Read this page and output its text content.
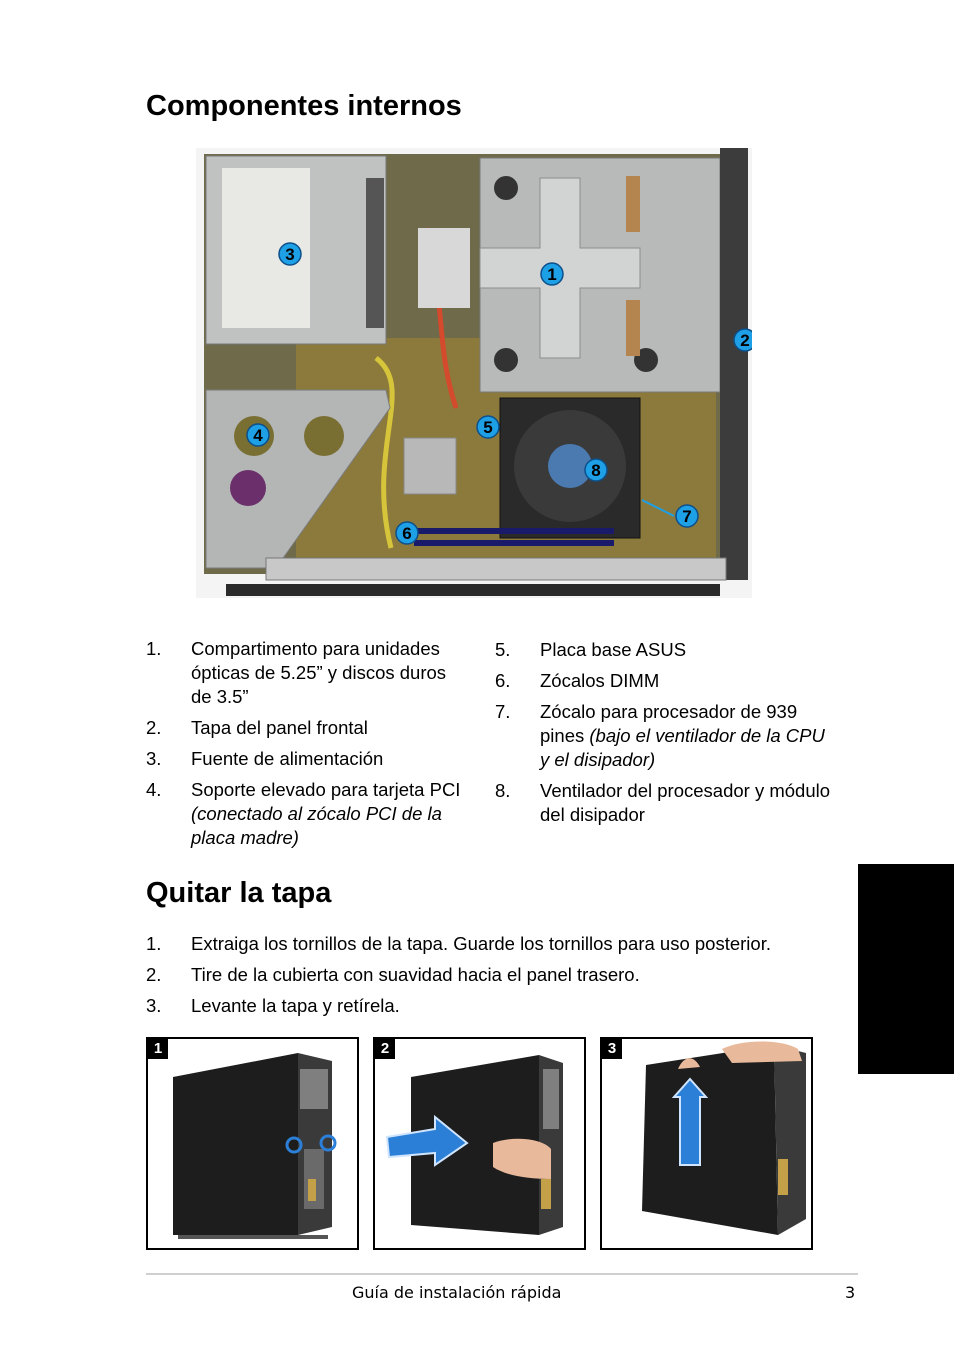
Componentes internos
1
2
3
4	5
6
7
8
1. Compartimento para unidades ópticas de 5.25” y discos duros de 3.5”
2. Tapa del panel frontal
3. Fuente de alimentación
4. Soporte elevado para tarjeta PCI (conectado al zócalo PCI de la placa madre)
5. Placa base ASUS
6. Zócalos DIMM
7. Zócalo para procesador de 939 pines (bajo el ventilador de la CPU y el disipador)
8. Ventilador del procesador y módulo del disipador
Quitar la tapa
1. Extraiga los tornillos de la tapa. Guarde los tornillos para uso posterior.
2. Tire de la cubierta con suavidad hacia el panel trasero.
3. Levante la tapa y retírela.
1	2	3
Guía de instalación rápida	3
